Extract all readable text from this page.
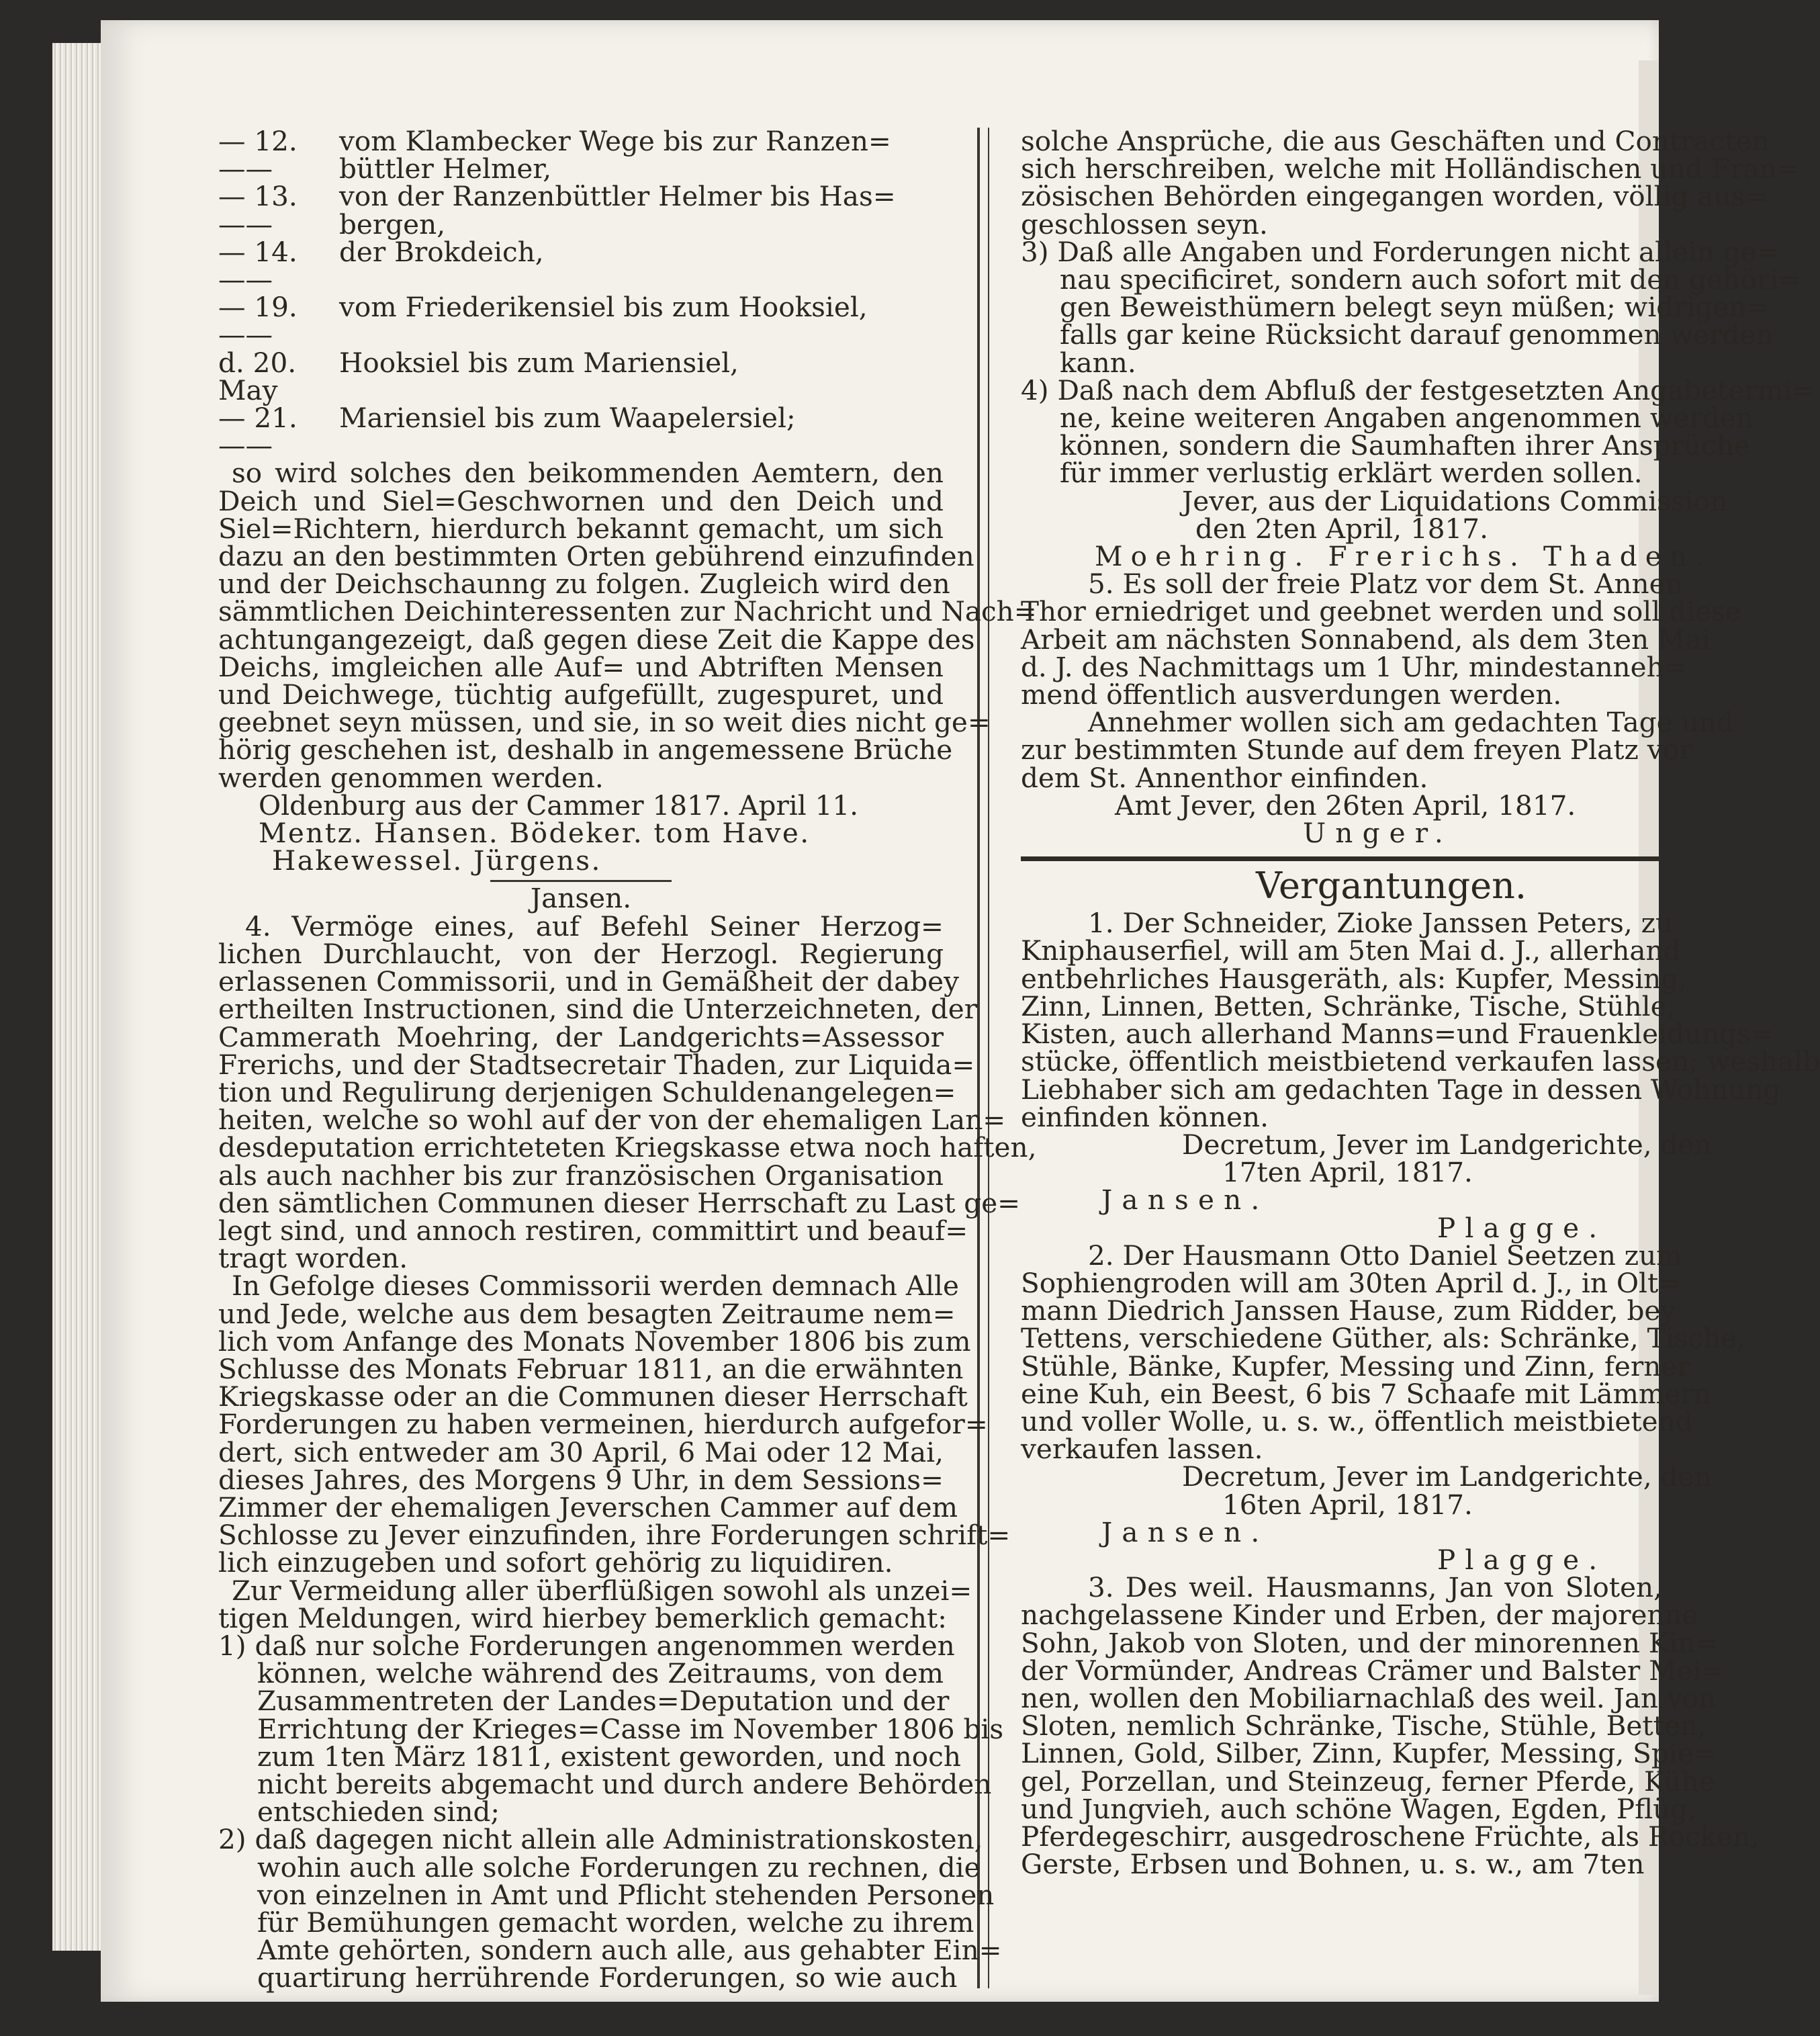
— 12.——
vom Klambecker Wege bis zur Ranzen=
büttler Helmer,
— 13.——
von der Ranzenbüttler Helmer bis Has=
bergen,
— 14.——
der Brokdeich,
— 19.——
vom Friederikensiel bis zum Hooksiel,
d. 20. May
Hooksiel bis zum Mariensiel,
— 21. ——
Mariensiel bis zum Waapelersiel;
so wird solches den beikommenden Aemtern, den
Deich und Siel=Geschwornen und den Deich und
Siel=Richtern, hierdurch bekannt gemacht, um sich
dazu an den bestimmten Orten gebührend einzufinden
und der Deichschaunng zu folgen. Zugleich wird den
sämmtlichen Deichinteressenten zur Nachricht und Nach=
achtungangezeigt, daß gegen diese Zeit die Kappe des
Deichs, imgleichen alle Auf= und Abtriften Mensen
und Deichwege, tüchtig aufgefüllt, zugespuret, und
geebnet seyn müssen, und sie, in so weit dies nicht ge=
hörig geschehen ist, deshalb in angemessene Brüche
werden genommen werden.
Oldenburg aus der Cammer 1817. April 11.
Mentz. Hansen. Bödeker. tom Have.
Hakewessel. Jürgens.
Jansen.
4. Vermöge eines, auf Befehl Seiner Herzog=
lichen Durchlaucht, von der Herzogl. Regierung
erlassenen Commissorii, und in Gemäßheit der dabey
ertheilten Instructionen, sind die Unterzeichneten, der
Cammerath Moehring, der Landgerichts=Assessor
Frerichs, und der Stadtsecretair Thaden, zur Liquida=
tion und Regulirung derjenigen Schuldenangelegen=
heiten, welche so wohl auf der von der ehemaligen Lan=
desdeputation errichteteten Kriegskasse etwa noch haften,
als auch nachher bis zur französischen Organisation
den sämtlichen Communen dieser Herrschaft zu Last ge=
legt sind, und annoch restiren, committirt und beauf=
tragt worden.
In Gefolge dieses Commissorii werden demnach Alle
und Jede, welche aus dem besagten Zeitraume nem=
lich vom Anfange des Monats November 1806 bis zum
Schlusse des Monats Februar 1811, an die erwähnten
Kriegskasse oder an die Communen dieser Herrschaft
Forderungen zu haben vermeinen, hierdurch aufgefor=
dert, sich entweder am 30 April, 6 Mai oder 12 Mai,
dieses Jahres, des Morgens 9 Uhr, in dem Sessions=
Zimmer der ehemaligen Jeverschen Cammer auf dem
Schlosse zu Jever einzufinden, ihre Forderungen schrift=
lich einzugeben und sofort gehörig zu liquidiren.
Zur Vermeidung aller überflüßigen sowohl als unzei=
tigen Meldungen, wird hierbey bemerklich gemacht:
1) daß nur solche Forderungen angenommen werden
können, welche während des Zeitraums, von dem
Zusammentreten der Landes=Deputation und der
Errichtung der Krieges=Casse im November 1806 bis
zum 1ten März 1811, existent geworden, und noch
nicht bereits abgemacht und durch andere Behörden
entschieden sind;
2) daß dagegen nicht allein alle Administrationskosten,
wohin auch alle solche Forderungen zu rechnen, die
von einzelnen in Amt und Pflicht stehenden Personen
für Bemühungen gemacht worden, welche zu ihrem
Amte gehörten, sondern auch alle, aus gehabter Ein=
quartirung herrührende Forderungen, so wie auch
solche Ansprüche, die aus Geschäften und Contracten
sich herschreiben, welche mit Holländischen und Fran=
zösischen Behörden eingegangen worden, völlig aus=
geschlossen seyn.
3) Daß alle Angaben und Forderungen nicht allein ge=
nau specificiret, sondern auch sofort mit den gehöri=
gen Beweisthümern belegt seyn müßen; widrigen=
falls gar keine Rücksicht darauf genommen werden
kann.
4) Daß nach dem Abfluß der festgesetzten Angabetermi=
ne, keine weiteren Angaben angenommen werden
können, sondern die Saumhaften ihrer Ansprüche
für immer verlustig erklärt werden sollen.
Jever, aus der Liquidations Commission
den 2ten April, 1817.
Moehring. Frerichs. Thaden.
5. Es soll der freie Platz vor dem St. Annen
Thor erniedriget und geebnet werden und soll diese
Arbeit am nächsten Sonnabend, als dem 3ten Mai
d. J. des Nachmittags um 1 Uhr, mindestanneh=
mend öffentlich ausverdungen werden.
Annehmer wollen sich am gedachten Tage und
zur bestimmten Stunde auf dem freyen Platz vor
dem St. Annenthor einfinden.
Amt Jever, den 26ten April, 1817.
Unger.
Vergantungen.
1. Der Schneider, Zioke Janssen Peters, zu
Kniphauserfiel, will am 5ten Mai d. J., allerhand
entbehrliches Hausgeräth, als: Kupfer, Messing,
Zinn, Linnen, Betten, Schränke, Tische, Stühle,
Kisten, auch allerhand Manns=und Frauenkleidungs=
stücke, öffentlich meistbietend verkaufen lassen; weshalb
Liebhaber sich am gedachten Tage in dessen Wohnung
einfinden können.
Decretum, Jever im Landgerichte, den
17ten April, 1817.
Jansen.
Plagge.
2. Der Hausmann Otto Daniel Seetzen zum
Sophiengroden will am 30ten April d. J., in Olt=
mann Diedrich Janssen Hause, zum Ridder, bey
Tettens, verschiedene Güther, als: Schränke, Tische,
Stühle, Bänke, Kupfer, Messing und Zinn, ferner
eine Kuh, ein Beest, 6 bis 7 Schaafe mit Lämmern
und voller Wolle, u. s. w., öffentlich meistbietend
verkaufen lassen.
Decretum, Jever im Landgerichte, den
16ten April, 1817.
Jansen.
Plagge.
3. Des weil. Hausmanns, Jan von Sloten,
nachgelassene Kinder und Erben, der majorenne
Sohn, Jakob von Sloten, und der minorennen Kin=
der Vormünder, Andreas Crämer und Balster Mei=
nen, wollen den Mobiliarnachlaß des weil. Jan von
Sloten, nemlich Schränke, Tische, Stühle, Betten,
Linnen, Gold, Silber, Zinn, Kupfer, Messing, Spie=
gel, Porzellan, und Steinzeug, ferner Pferde, Kühe
und Jungvieh, auch schöne Wagen, Egden, Pflüg,
Pferdegeschirr, ausgedroschene Früchte, als Rocken,
Gerste, Erbsen und Bohnen, u. s. w., am 7ten
